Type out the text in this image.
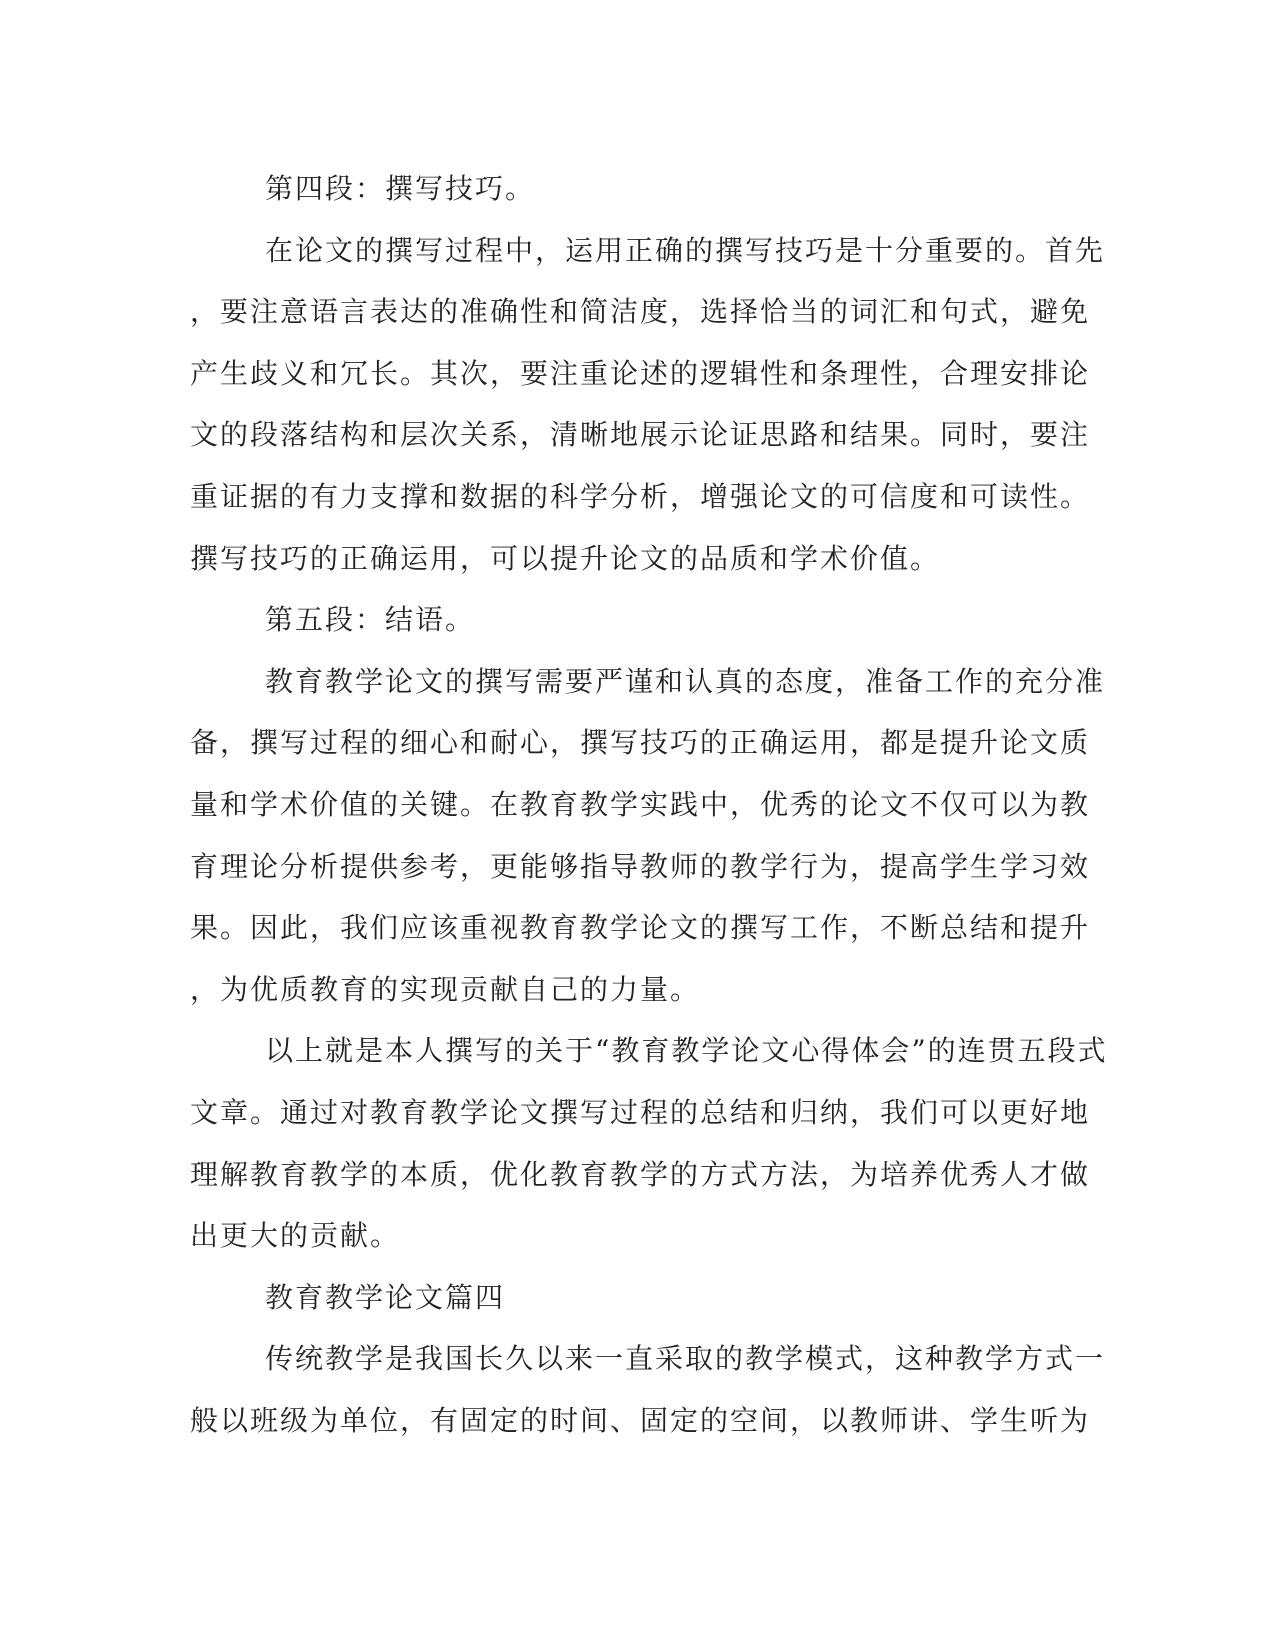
第四段：撰写技巧。
在论文的撰写过程中，运用正确的撰写技巧是十分重要的。首先
，要注意语言表达的准确性和简洁度，选择恰当的词汇和句式，避免
产生歧义和冗长。其次，要注重论述的逻辑性和条理性，合理安排论
文的段落结构和层次关系，清晰地展示论证思路和结果。同时，要注
重证据的有力支撑和数据的科学分析，增强论文的可信度和可读性。
撰写技巧的正确运用，可以提升论文的品质和学术价值。
第五段：结语。
教育教学论文的撰写需要严谨和认真的态度，准备工作的充分准
备，撰写过程的细心和耐心，撰写技巧的正确运用，都是提升论文质
量和学术价值的关键。在教育教学实践中，优秀的论文不仅可以为教
育理论分析提供参考，更能够指导教师的教学行为，提高学生学习效
果。因此，我们应该重视教育教学论文的撰写工作，不断总结和提升
，为优质教育的实现贡献自己的力量。
以上就是本人撰写的关于“教育教学论文心得体会”的连贯五段式
文章。通过对教育教学论文撰写过程的总结和归纳，我们可以更好地
理解教育教学的本质，优化教育教学的方式方法，为培养优秀人才做
出更大的贡献。
教育教学论文篇四
传统教学是我国长久以来一直采取的教学模式，这种教学方式一
般以班级为单位，有固定的时间、固定的空间，以教师讲、学生听为
